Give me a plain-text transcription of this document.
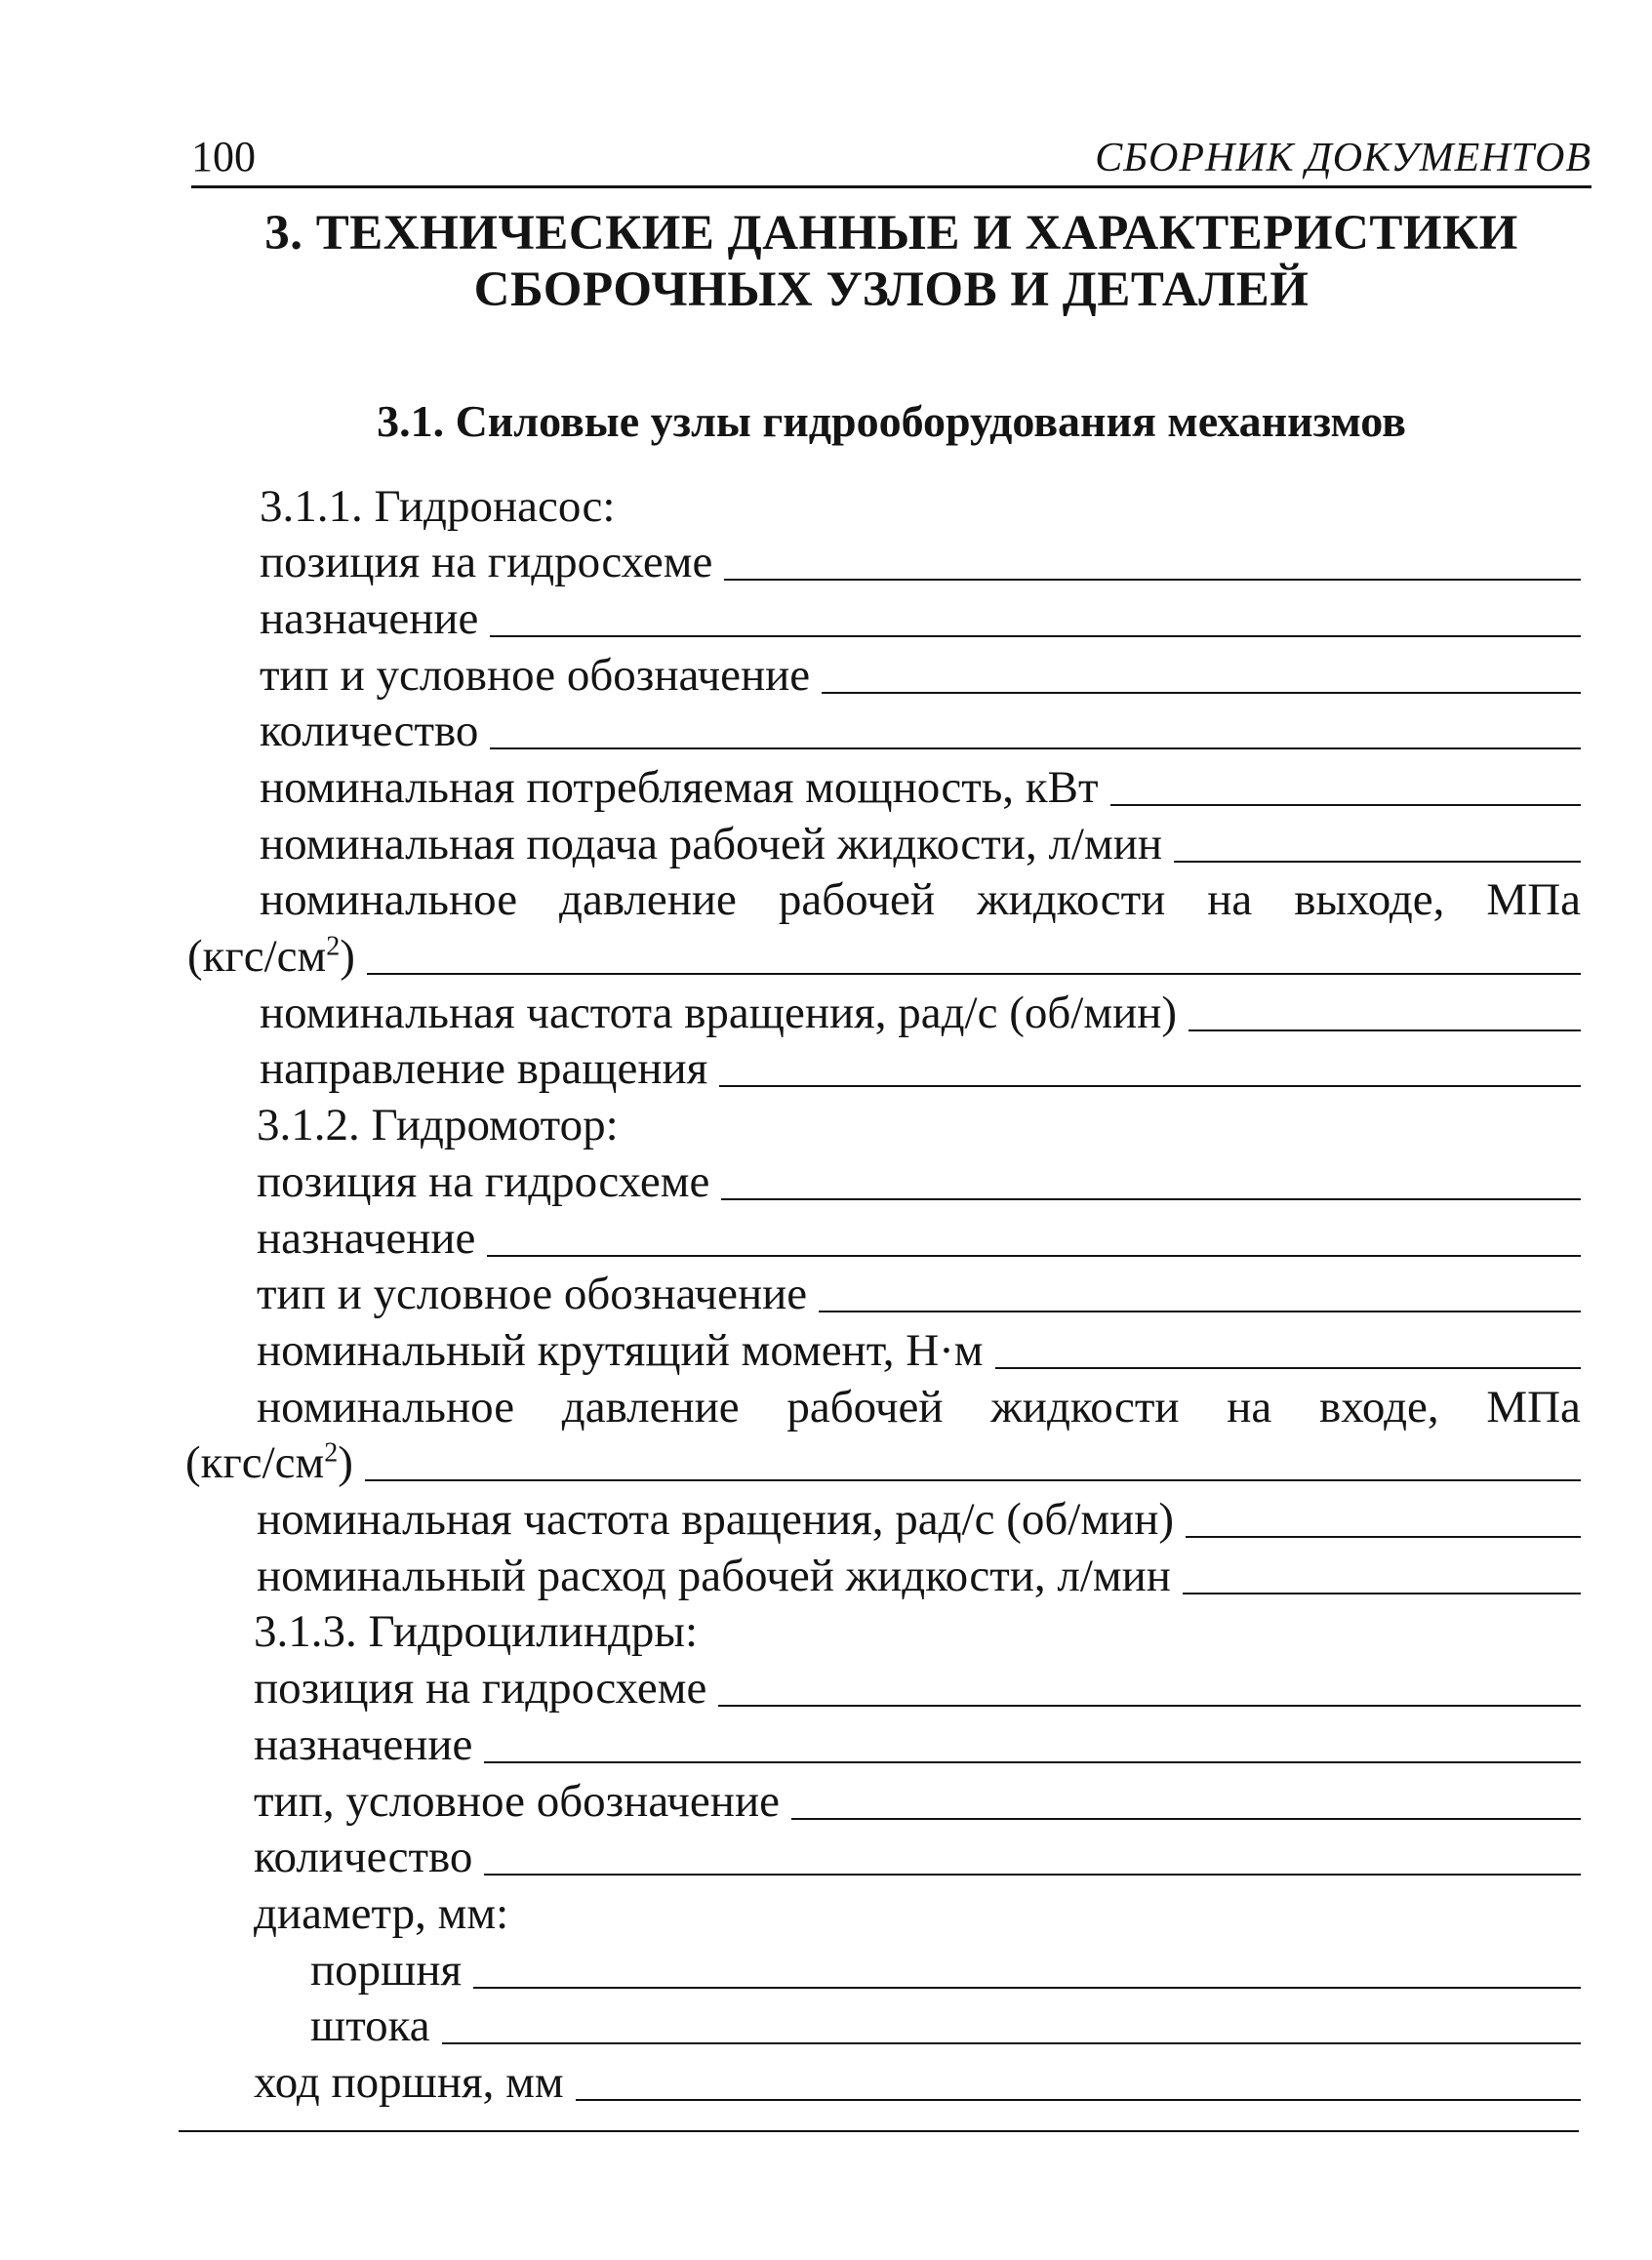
100	СБОРНИК ДОКУМЕНТОВ
3. ТЕХНИЧЕСКИЕ ДАННЫЕ И ХАРАКТЕРИСТИКИ
СБОРОЧНЫХ УЗЛОВ И ДЕТАЛЕЙ
3.1. Силовые узлы гидрооборудования механизмов
3.1.1. Гидронасос:
позиция на гидросхеме
назначение
тип и условное обозначение
количество
номинальная потребляемая мощность, кВт
номинальная подача рабочей жидкости, л/мин
номинальное давление рабочей жидкости на выходе, МПа
$(кгс/см^2)$
номинальная частота вращения, рад/с (об/мин)
направление вращения
3.1.2. Гидромотор:
позиция на гидросхеме
назначение
тип и условное обозначение
номинальный крутящий момент, Н·м
номинальное давление рабочей жидкости на входе, МПа
$(кгс/см^2)$
номинальная частота вращения, рад/с (об/мин)
номинальный расход рабочей жидкости, л/мин
3.1.3. Гидроцилиндры:
позиция на гидросхеме
назначение
тип, условное обозначение
количество
диаметр, мм:
поршня
штока
ход поршня, мм
